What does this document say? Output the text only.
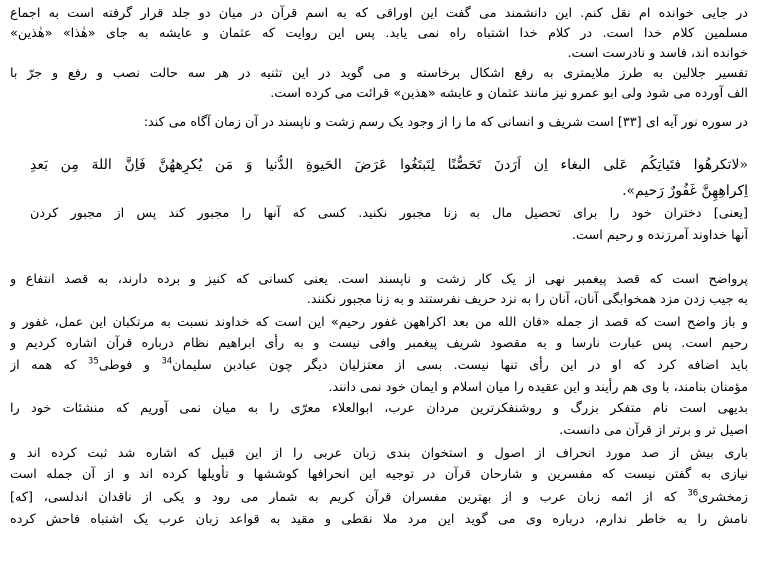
در جایی خوانده ام نقل کنم. این دانشمند می گفت این اوراقی که به اسم قرآن در میان دو جلد قرار گرفته است به اجماع
مسلمین کلام خدا است. در کلام خدا اشتباه راه نمی یابد. پس این روایت که عثمان و عایشه به جای «هٰذا» «هٰذین»
خوانده اند، فاسد و نادرست است.
تفسیر جلالین به طرز ملایمتری به رفع اشکال برخاسته و می گوید در این تثنیه در هر سه حالت نصب و رفع و جرّ با
الف آورده می شود ولی ابو عمرو نیز مانند عثمان و عایشه «هذین» قرائت می کرده است.
در سوره نور آیه ای [۳۳] است شریف و انسانی که ما را از وجود یک رسم زشت و ناپسند در آن زمان آگاه می کند:
«لاتکرهُوا فتَیاتِکُم عَلی البغاء اِن اَرَدنَ تَحَصُّنًا لِتَبتَغُوا عَرَضَ الحَیوةِ الدُّنیا وَ مَن یُکرِههُنَّ فَاِنَّ اللهَ مِن بَعدِ
اِکراهِهِنَّ غَفُورٌ رَحیم».
[یعنی] دختران خود را برای تحصیل مال به زنا مجبور نکنید. کسی که آنها را مجبور کند پس از مجبور کردن
آنها خداوند آمرزنده و رحیم است.
پرواضح است که قصد پیغمبر نهی از یک کار زشت و ناپسند است. یعنی کسانی که کنیز و برده دارند، به قصد انتفاع و
به جیب زدن مزد همخوابگی آنان، آنان را به نزد حریف نفرستند و به زنا مجبور نکنند.
و باز واضح است که قصد از جمله «فان الله من بعد اکراههن غفور رحیم» این است که خداوند نسبت به مرتکبان این عمل، غفور و
رحیم است. پس عبارت نارسا و به مقصود شریف پیغمبر وافی نیست و به رأی ابراهیم نظام درباره قرآن اشاره کردیم و
باید اضافه کرد که او در این رأی تنها نیست. بسی از معتزلیان دیگر چون عبادبن سلیمان$^{34}$ و فوطی$^{35}$ که همه از
مؤمنان بنامند، با وی هم رأیند و این عقیده را میان اسلام و ایمان خود نمی دانند.
بدیهی است نام متفکر بزرگ و روشنفکرترین مردان عرب، ابوالعلاء معرّی را به میان نمی آوریم که منشئات خود را
اصیل تر و برتر از قرآن می دانست.
باری بیش از صد مورد انحراف از اصول و استخوان بندی زبان عربی را از این قبیل که اشاره شد ثبت کرده اند و
نیازی به گفتن نیست که مفسرین و شارحان قرآن در توجیه این انحرافها کوششها و تأویلها کرده اند و از آن جمله است
زمخشری$^{36}$ که از ائمه زبان عرب و از بهترین مفسران قرآن کریم به شمار می رود و یکی از ناقدان اندلسی، [که]
نامش را به خاطر ندارم، درباره وی می گوید این مرد ملا نقطی و مقید به قواعد زبان عرب یک اشتباه فاحش کرده
